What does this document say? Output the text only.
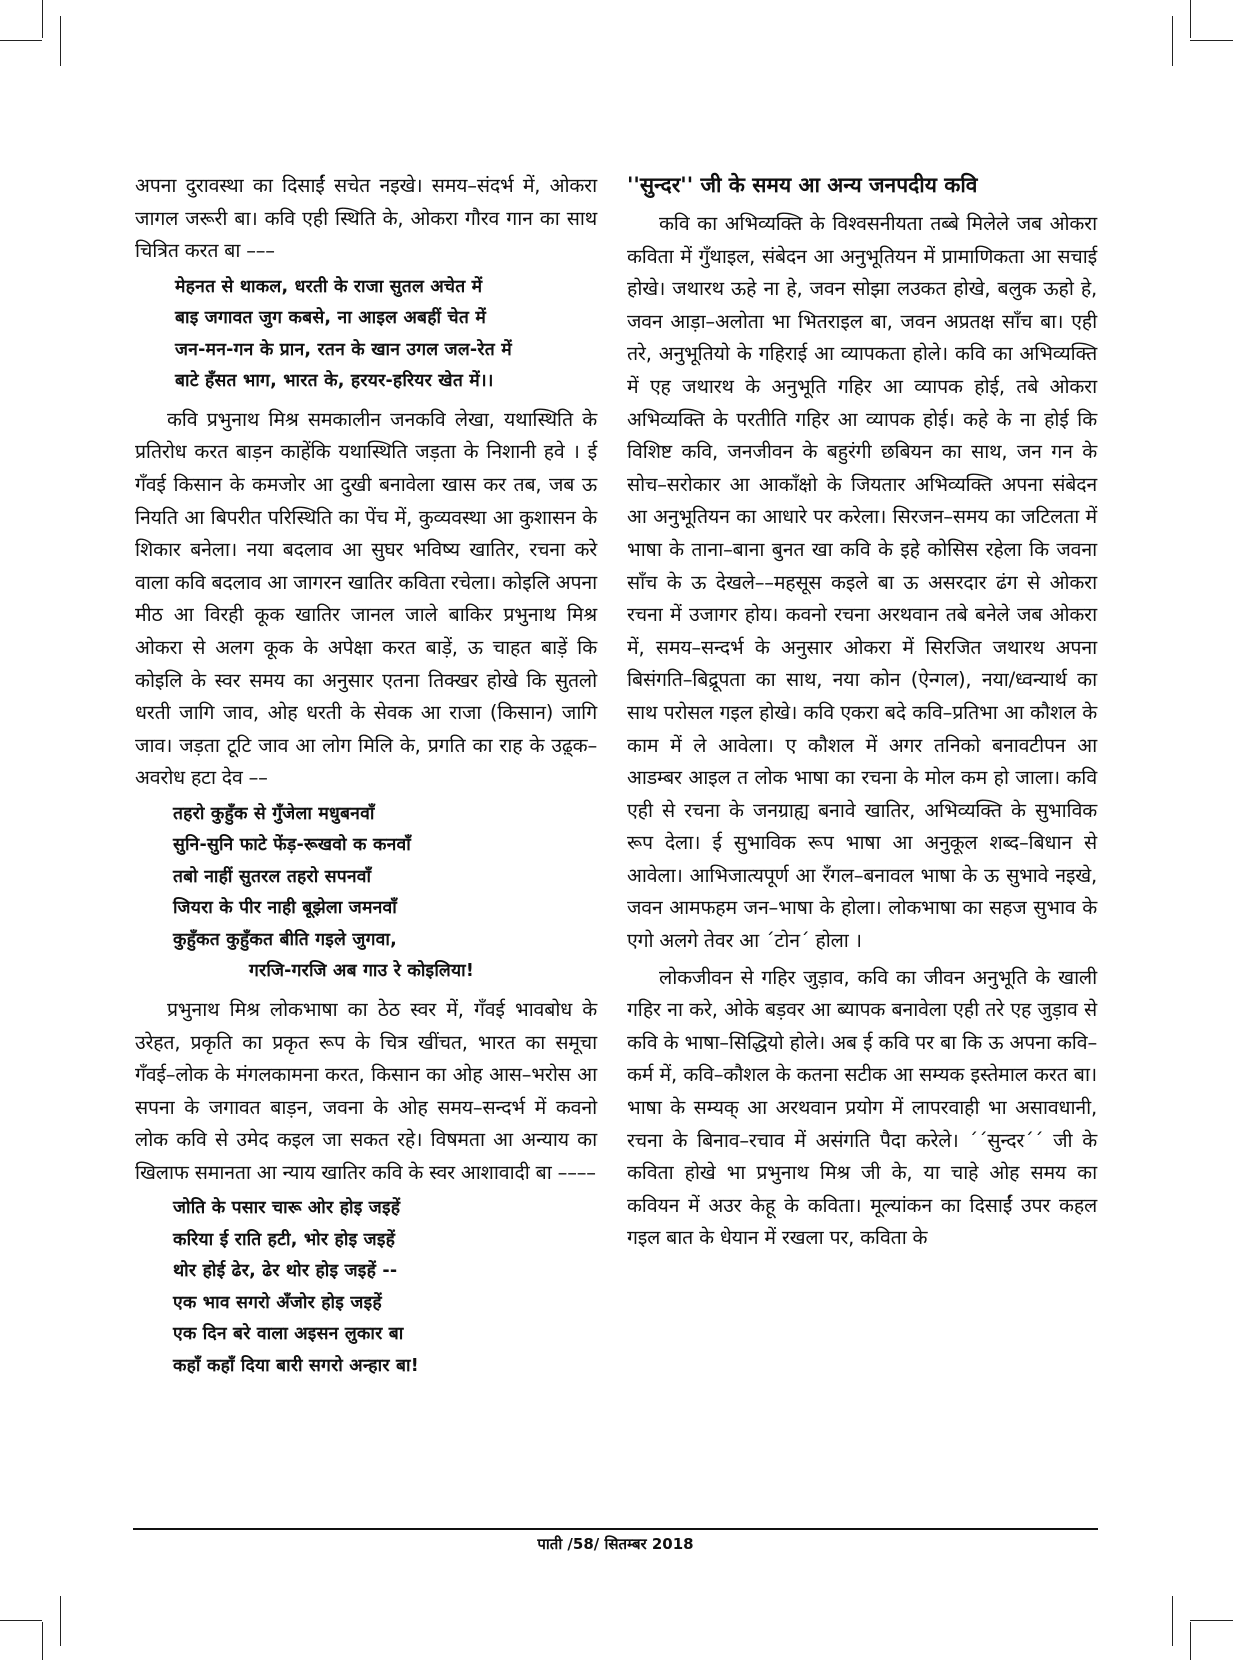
अपना दुरावस्था का दिसाईं सचेत नइखे। समय–संदर्भ में, ओकरा जागल जरूरी बा। कवि एही स्थिति के, ओकरा गौरव गान का साथ चित्रित करत बा –––

मेहनत से थाकल, धरती के राजा सुतल अचेत में
बाइ जगावत जुग कबसे, ना आइल अबहीं चेत में
जन-मन-गन के प्रान, रतन के खान उगल जल-रेत में
बाटे हँसत भाग, भारत के, हरयर-हरियर खेत में।।

कवि प्रभुनाथ मिश्र समकालीन जनकवि लेखा, यथास्थिति के प्रतिरोध करत बाड़न काहेंकि यथास्थिति जड़ता के निशानी हवे । ई गँवई किसान के कमजोर आ दुखी बनावेला खास कर तब, जब ऊ नियति आ बिपरीत परिस्थिति का पेंच में, कुव्यवस्था आ कुशासन के शिकार बनेला। नया बदलाव आ सुघर भविष्य खातिर, रचना करे वाला कवि बदलाव आ जागरन खातिर कविता रचेला। कोइलि अपना मीठ आ विरही कूक खातिर जानल जाले बाकिर प्रभुनाथ मिश्र ओकरा से अलग कूक के अपेक्षा करत बाड़ें, ऊ चाहत बाड़ें कि कोइलि के स्वर समय का अनुसार एतना तिक्खर होखे कि सुतलो धरती जागि जाव, ओह धरती के सेवक आ राजा (किसान) जागि जाव। जड़ता टूटि जाव आ लोग मिलि के, प्रगति का राह के उढ़्‌क–अवरोध हटा देव ––

तहरो कुहुँक से गुँजेला मधुबनवाँ
सुनि-सुनि फाटे फेंड़-रूखवो क कनवाँ
तबो नाहीं सुतरल तहरो सपनवाँ
जियरा के पीर नाही बूझेला जमनवाँ
कुहुँकत कुहुँकत बीति गइले जुगवा,
गरजि-गरजि अब गाउ रे कोइलिया!

प्रभुनाथ मिश्र लोकभाषा का ठेठ स्वर में, गँवई भावबोध के उरेहत, प्रकृति का प्रकृत रूप के चित्र खींचत, भारत का समूचा गँवई–लोक के मंगलकामना करत, किसान का ओह आस–भरोस आ सपना के जगावत बाड़न, जवना के ओह समय–सन्दर्भ में कवनो लोक कवि से उमेद कइल जा सकत रहे। विषमता आ अन्याय का खिलाफ समानता आ न्याय खातिर कवि के स्वर आशावादी बा ––––

जोति के पसार चारू ओर होइ जइहें
करिया ई राति हटी, भोर होइ जइहें
थोर होई ढेर, ढेर थोर होइ जइहें --
एक भाव सगरो अँजोर होइ जइहें
एक दिन बरे वाला अइसन लुकार बा
कहाँ कहाँ दिया बारी सगरो अन्हार बा!
''सुन्दर'' जी के समय आ अन्य जनपदीय कवि

कवि का अभिव्यक्ति के विश्वसनीयता तब्बे मिलेले जब ओकरा कविता में गुँथाइल, संबेदन आ अनुभूतियन में प्रामाणिकता आ सचाई होखे। जथारथ ऊहे ना हे, जवन सोझा लउकत होखे, बलुक ऊहो हे, जवन आड़ा–अलोता भा भितराइल बा, जवन अप्रतक्ष साँच बा। एही तरे, अनुभूतियो के गहिराई आ व्यापकता होले। कवि का अभिव्यक्ति में एह जथारथ के अनुभूति गहिर आ व्यापक होई, तबे ओकरा अभिव्यक्ति के परतीति गहिर आ व्यापक होई। कहे के ना होई कि विशिष्ट कवि, जनजीवन के बहुरंगी छबियन का साथ, जन गन के सोच–सरोकार आ आकाँक्षो के जियतार अभिव्यक्ति अपना संबेदन आ अनुभूतियन का आधारे पर करेला। सिरजन–समय का जटिलता में भाषा के ताना–बाना बुनत खा कवि के इहे कोसिस रहेला कि जवना साँच के ऊ देखले––महसूस कइले बा ऊ असरदार ढंग से ओकरा रचना में उजागर होय। कवनो रचना अरथवान तबे बनेले जब ओकरा में, समय–सन्दर्भ के अनुसार ओकरा में सिरजित जथारथ अपना बिसंगति–बिद्रूपता का साथ, नया कोन (ऐन्गल), नया/ध्वन्यार्थ का साथ परोसल गइल होखे। कवि एकरा बदे कवि–प्रतिभा आ कौशल के काम में ले आवेला। ए कौशल में अगर तनिको बनावटीपन आ आडम्बर आइल त लोक भाषा का रचना के मोल कम हो जाला। कवि एही से रचना के जनग्राह्य बनावे खातिर, अभिव्यक्ति के सुभाविक रूप देला। ई सुभाविक रूप भाषा आ अनुकूल शब्द–बिधान से आवेला। आभिजात्यपूर्ण आ रँगल–बनावल भाषा के ऊ सुभावे नइखे, जवन आमफहम जन–भाषा के होला। लोकभाषा का सहज सुभाव के एगो अलगे तेवर आ ´टोन´ होला ।

लोकजीवन से गहिर जुड़ाव, कवि का जीवन अनुभूति के खाली गहिर ना करे, ओके बड़वर आ ब्यापक बनावेला एही तरे एह जुड़ाव से कवि के भाषा–सिद्धियो होले। अब ई कवि पर बा कि ऊ अपना कवि–कर्म में, कवि–कौशल के कतना सटीक आ सम्यक इस्तेमाल करत बा। भाषा के सम्यक् आ अरथवान प्रयोग में लापरवाही भा असावधानी, रचना के बिनाव–रचाव में असंगति पैदा करेले। ´´सुन्दर´´ जी के कविता होखे भा प्रभुनाथ मिश्र जी के, या चाहे ओह समय का कवियन में अउर केहू के कविता। मूल्यांकन का दिसाईं उपर कहल गइल बात के धेयान में रखला पर, कविता के

पाती /58/ सितम्बर 2018
